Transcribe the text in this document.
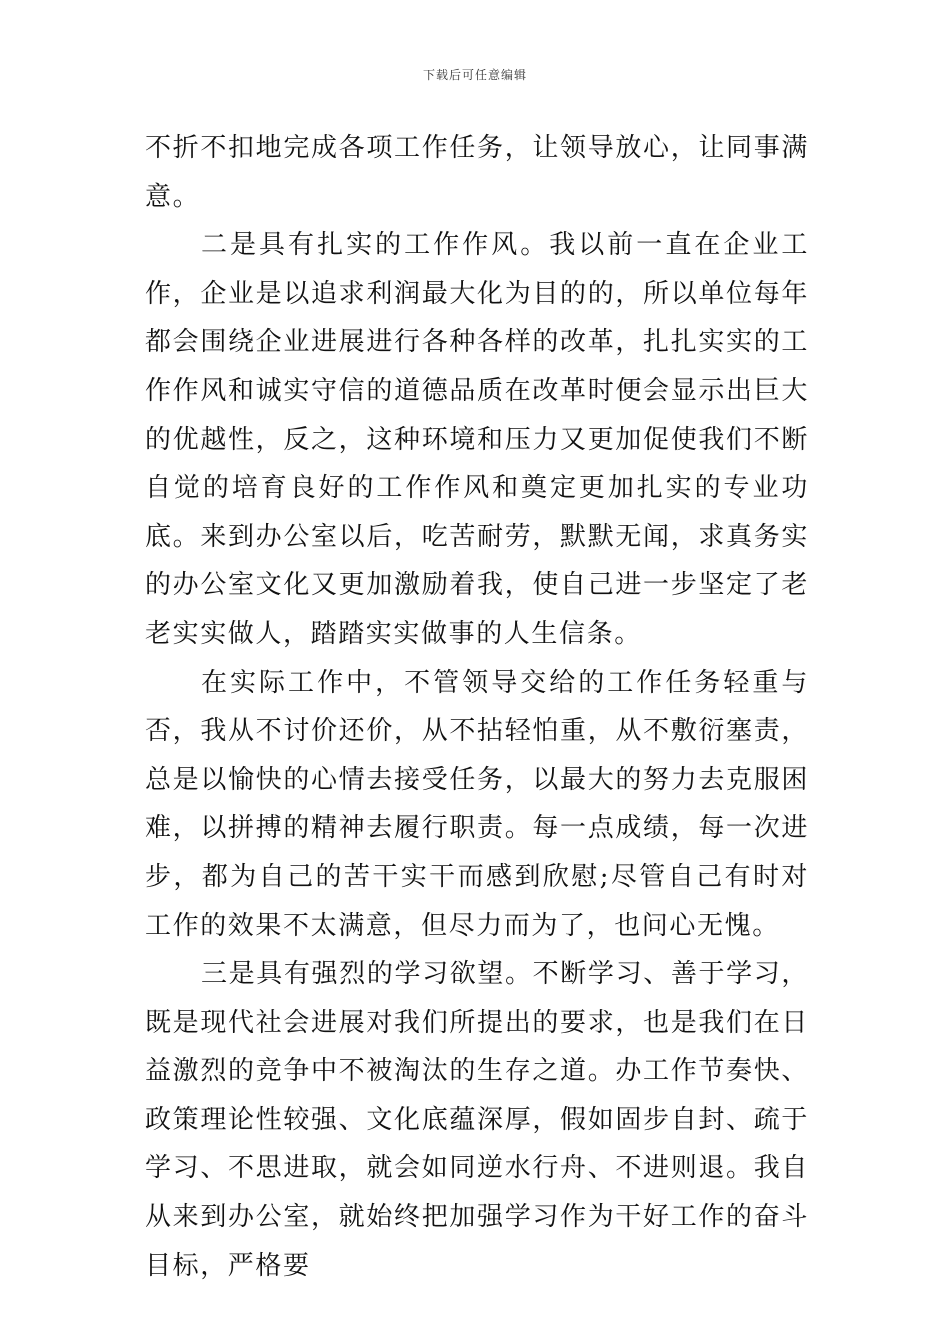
下载后可任意编辑

不折不扣地完成各项工作任务，让领导放心，让同事满意。

二是具有扎实的工作作风。我以前一直在企业工作，企业是以追求利润最大化为目的的，所以单位每年都会围绕企业进展进行各种各样的改革，扎扎实实的工作作风和诚实守信的道德品质在改革时便会显示出巨大的优越性，反之，这种环境和压力又更加促使我们不断自觉的培育良好的工作作风和奠定更加扎实的专业功底。来到办公室以后，吃苦耐劳，默默无闻，求真务实的办公室文化又更加激励着我，使自己进一步坚定了老老实实做人，踏踏实实做事的人生信条。

在实际工作中，不管领导交给的工作任务轻重与否，我从不讨价还价，从不拈轻怕重，从不敷衍塞责，总是以愉快的心情去接受任务，以最大的努力去克服困难，以拼搏的精神去履行职责。每一点成绩，每一次进步，都为自己的苦干实干而感到欣慰;尽管自己有时对工作的效果不太满意，但尽力而为了，也问心无愧。

三是具有强烈的学习欲望。不断学习、善于学习，既是现代社会进展对我们所提出的要求，也是我们在日益激烈的竞争中不被淘汰的生存之道。办工作节奏快、政策理论性较强、文化底蕴深厚，假如固步自封、疏于学习、不思进取，就会如同逆水行舟、不进则退。我自从来到办公室，就始终把加强学习作为干好工作的奋斗目标，严格要
